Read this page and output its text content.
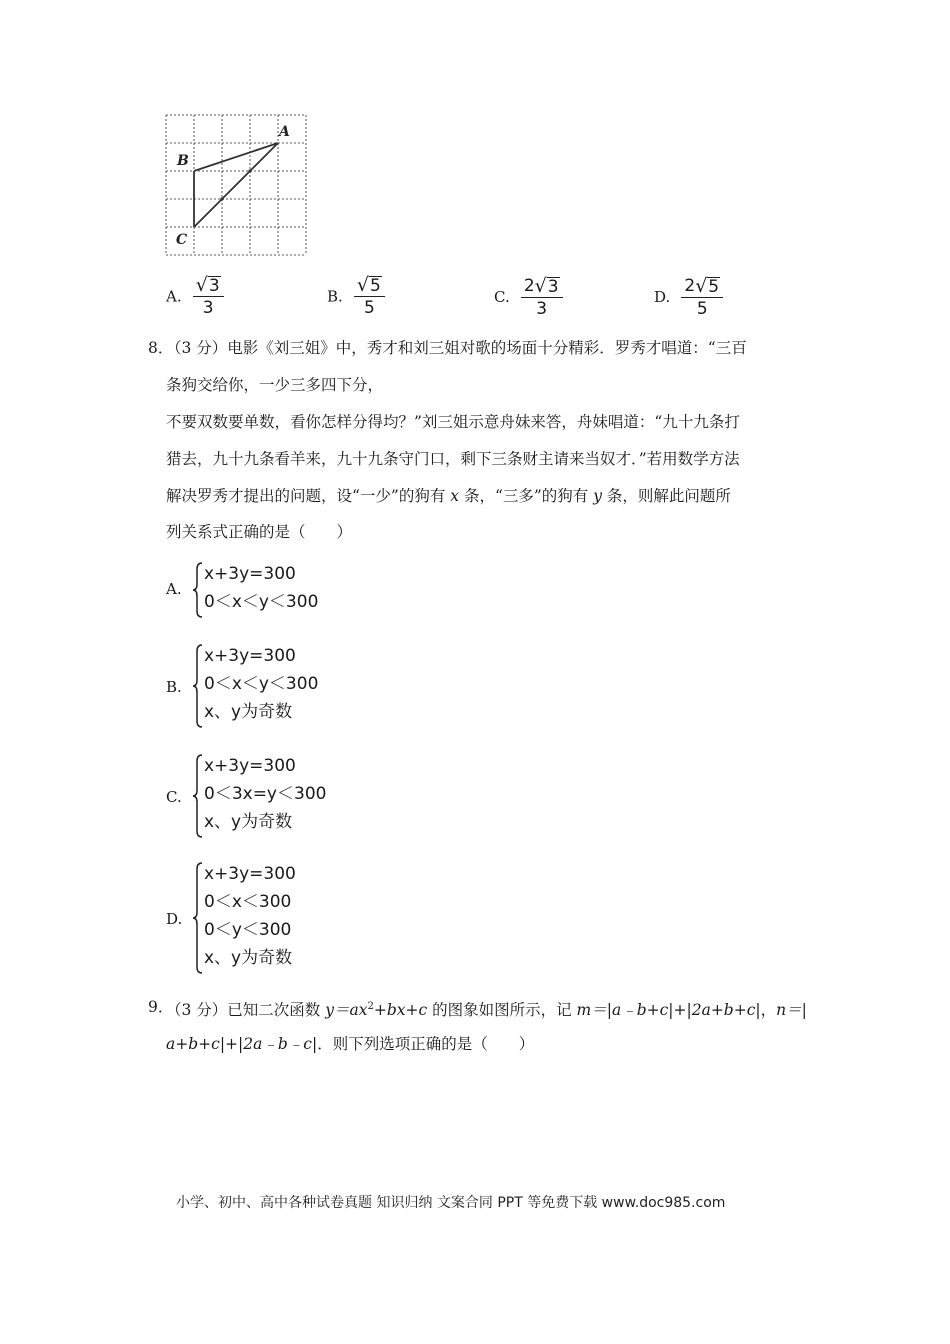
A
B
C
A. $\frac{√ 3}{3}$	B. $\frac{√ 5}{5}$	C. $\frac{2 √ 3}{3}$	D. $\frac{2 √ 5}{5}$
8．
（3 分）电影《刘三姐》中，秀才和刘三姐对歌的场面十分精彩．罗秀才唱道：“三百
条狗交给你，一少三多四下分，
不要双数要单数，看你怎样分得均？”刘三姐示意舟妹来答，舟妹唱道：“九十九条打
猎去，九十九条看羊来，九十九条守门口，剩下三条财主请来当奴才．”若用数学方法
解决罗秀才提出的问题，设“一少”的狗有 x 条，“三多”的狗有 y 条，则解此问题所
列关系式正确的是（　　）
A.
x+3y=300
0＜x＜y＜300
B.
x+3y=300
0＜x＜y＜300
x、y为奇数
C.
x+3y=300
0＜3x=y＜300
x、y为奇数
D.
x+3y=300
0＜x＜300
0＜y＜300
x、y为奇数
9．
（3 分）已知二次函数 $y=ax^2+bx+c$ 的图象如图所示，记 m＝|a﹣b+c|+|2a+b+c|，n＝|
a+b+c|+|2a﹣b﹣c|．则下列选项正确的是（　　）
小学、初中、高中各种试卷真题 知识归纳 文案合同 PPT 等免费下载 www.doc985.com
